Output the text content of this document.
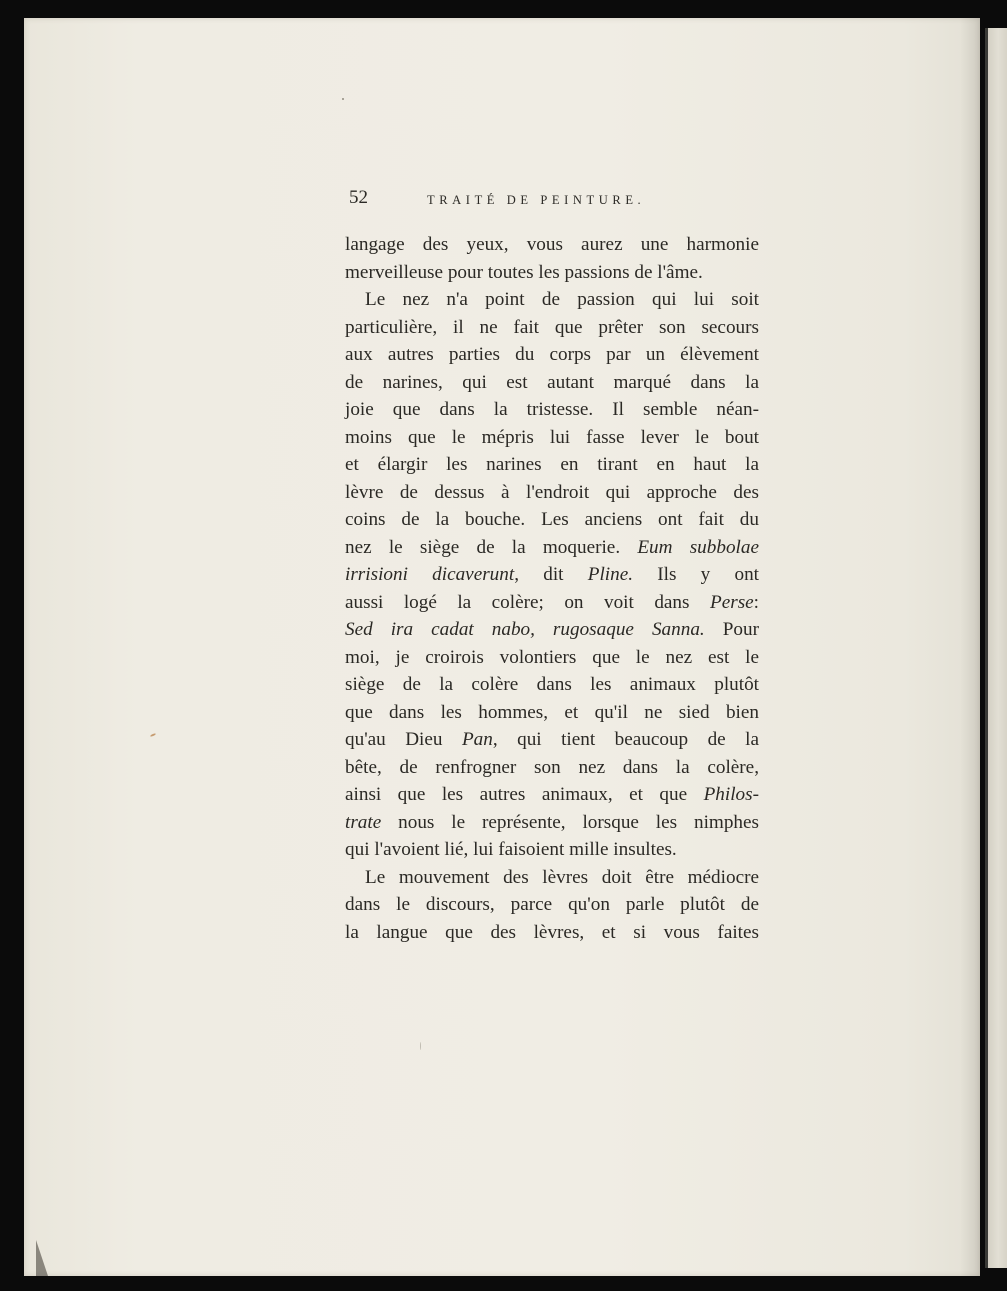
52	TRAITÉ DE PEINTURE.
langage des yeux, vous aurez une harmonie
merveilleuse pour toutes les passions de l'âme.
Le nez n'a point de passion qui lui soit
particulière, il ne fait que prêter son secours
aux autres parties du corps par un élèvement
de narines, qui est autant marqué dans la
joie que dans la tristesse. Il semble néan-
moins que le mépris lui fasse lever le bout
et élargir les narines en tirant en haut la
lèvre de dessus à l'endroit qui approche des
coins de la bouche. Les anciens ont fait du
nez le siège de la moquerie. Eum subbolae
irrisioni dicaverunt, dit Pline. Ils y ont
aussi logé la colère; on voit dans Perse:
Sed ira cadat nabo, rugosaque Sanna. Pour
moi, je croirois volontiers que le nez est le
siège de la colère dans les animaux plutôt
que dans les hommes, et qu'il ne sied bien
qu'au Dieu Pan, qui tient beaucoup de la
bête, de renfrogner son nez dans la colère,
ainsi que les autres animaux, et que Philos-
trate nous le représente, lorsque les nimphes
qui l'avoient lié, lui faisoient mille insultes.
Le mouvement des lèvres doit être médiocre
dans le discours, parce qu'on parle plutôt de
la langue que des lèvres, et si vous faites
